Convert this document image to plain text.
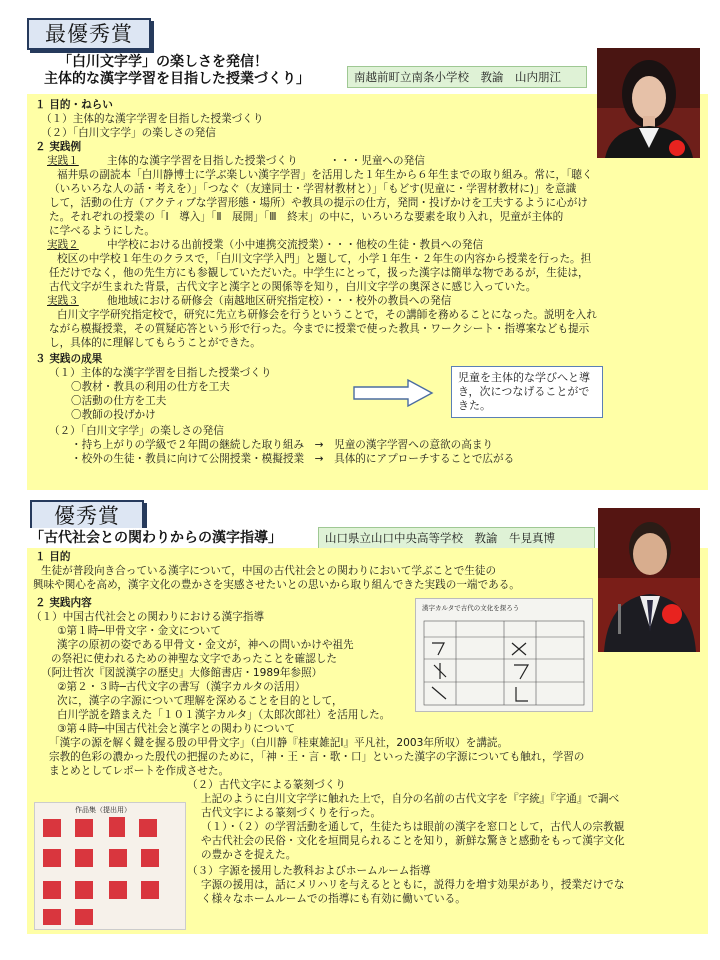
最優秀賞
「白川文字学」の楽しさを発信！
主体的な漢字学習を目指した授業づくり」	南越前町立南条小学校　教諭　山内朋江
１ 目的・ねらい
（１）主体的な漢字学習を目指した授業づくり
（２）「白川文字学」の楽しさの発信
２ 実践例
実践１	主体的な漢字学習を目指した授業づくり　　　・・・児童への発信
福井県の副読本「白川静博士に学ぶ楽しい漢字学習」を活用した１年生から６年生までの取り組み。常に，「聴く
（いろいろな人の話・考えを）」「つなぐ（友達同士・学習材教材と）」「もどす(児童に・学習材教材に)」を意識
して，活動の仕方（アクティブな学習形態・場所）や教具の提示の仕方，発問・投げかけを工夫するように心がけ
た。それぞれの授業の「Ⅰ　導入」「Ⅱ　展開」「Ⅲ　終末」の中に，いろいろな要素を取り入れ，児童が主体的
に学べるようにした。
実践２	中学校における出前授業（小中連携交流授業）・・・他校の生徒・教員への発信
校区の中学校１年生のクラスで，「白川文字学入門」と題して，小学１年生・２年生の内容から授業を行った。担
任だけでなく，他の先生方にも参観していただいた。中学生にとって，扱った漢字は簡単な物であるが，生徒は，
古代文字が生まれた背景，古代文字と漢字との関係等を知り，白川文字学の奥深さに感じ入っていた。
実践３	他地域における研修会（南越地区研究指定校）・・・校外の教員への発信
白川文字学研究指定校で，研究に先立ち研修会を行うということで，その講師を務めることになった。説明を入れ
ながら模擬授業，その質疑応答という形で行った。今までに授業で使った教具・ワークシート・指導案なども提示
し，具体的に理解してもらうことができた。
３ 実践の成果
（１）主体的な漢字学習を目指した授業づくり
〇教材・教具の利用の仕方を工夫
〇活動の仕方を工夫
〇教師の投げかけ
（２）「白川文字学」の楽しさの発信
・持ち上がりの学級で２年間の継続した取り組み　→　児童の漢字学習への意欲の高まり
・校外の生徒・教員に向けて公開授業・模擬授業　→　具体的にアプローチすることで広がる
児童を主体的な学びへと導き，次につなげることができた。
優秀賞
「古代社会との関わりからの漢字指導」	山口県立山口中央高等学校　教諭　牛見真博
１ 目的
生徒が普段向き合っている漢字について，中国の古代社会との関わりにおいて学ぶことで生徒の
興味や関心を高め，漢字文化の豊かさを実感させたいとの思いから取り組んできた実践の一端である。
２ 実践内容
（１）中国古代社会との関わりにおける漢字指導
①第１時─甲骨文字・金文について
漢字の原初の姿である甲骨文・金文が，神への問いかけや祖先
の祭祀に使われるための神聖な文字であったことを確認した
（阿辻哲次『図説漢字の歴史』大修館書店・1989年参照）
②第２・３時─古代文字の書写（漢字カルタの活用）
次に，漢字の字源について理解を深めることを目的として，
白川学説を踏まえた「１０１漢字カルタ」（太郎次郎社）を活用した。
③第４時─中国古代社会と漢字との関わりについて
「漢字の源を解く鍵を握る殷の甲骨文字」（白川静『桂東雑記Ⅰ』平凡社，2003年所収）を講読。
宗教的色彩の濃かった殷代の把握のために，「神・王・言・歌・口」といった漢字の字源についても触れ，学習の
まとめとしてレポートを作成させた。
（２）古代文字による篆刻づくり
上記のように白川文字学に触れた上で，自分の名前の古代文字を『字統』『字通』で調べ
古代文字による篆刻づくりを行った。
（１）・（２）の学習活動を通して，生徒たちは眼前の漢字を窓口として，古代人の宗教観
や古代社会の民俗・文化を垣間見られることを知り，新鮮な驚きと感動をもって漢字文化
の豊かさを捉えた。
（３）字源を援用した教科およびホームルーム指導
字源の援用は，話にメリハリを与えるとともに，説得力を増す効果があり，授業だけでな
く様々なホームルームでの指導にも有効に働いている。
漢字カルタで古代の文化を探ろう
作品集（提出用）
